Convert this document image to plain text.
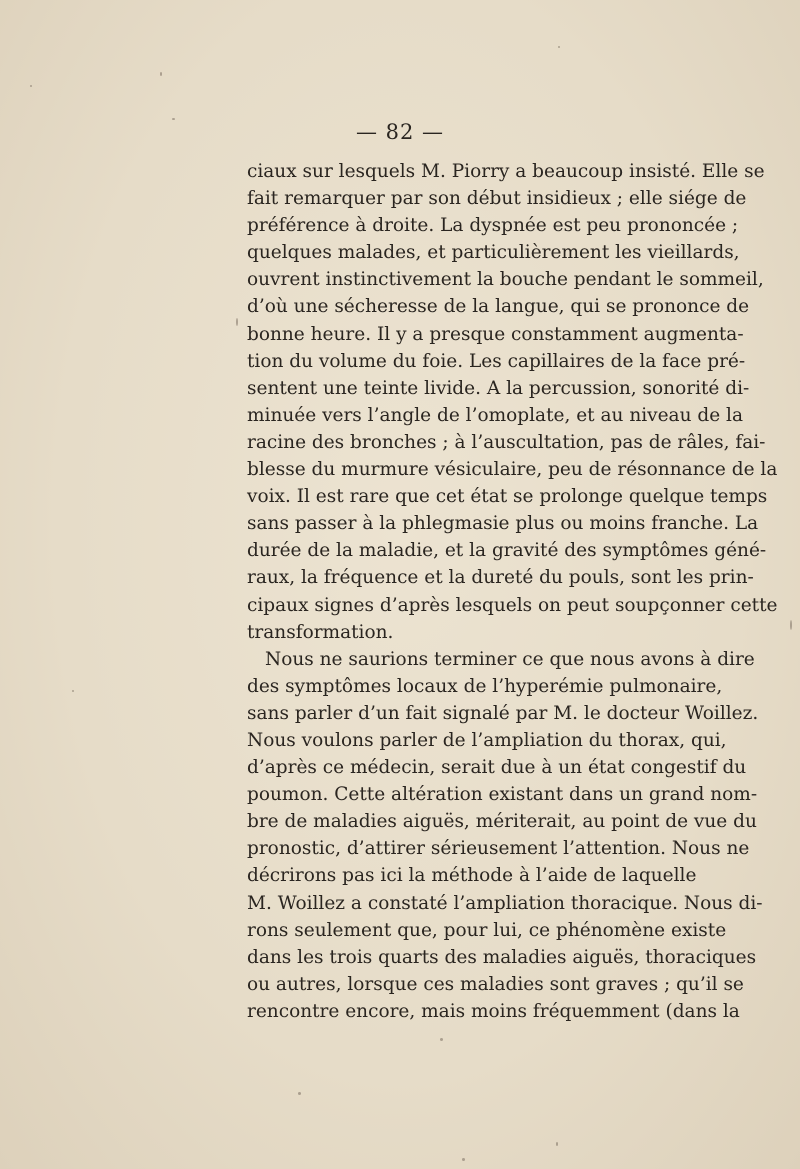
— 82 —
ciaux sur lesquels M. Piorry a beaucoup insisté. Elle se
fait remarquer par son début insidieux ; elle siége de
préférence à droite. La dyspnée est peu prononcée ;
quelques malades, et particulièrement les vieillards,
ouvrent instinctivement la bouche pendant le sommeil,
d’où une sécheresse de la langue, qui se prononce de
bonne heure. Il y a presque constamment augmenta-
tion du volume du foie. Les capillaires de la face pré-
sentent une teinte livide. A la percussion, sonorité di-
minuée vers l’angle de l’omoplate, et au niveau de la
racine des bronches ; à l’auscultation, pas de râles, fai-
blesse du murmure vésiculaire, peu de résonnance de la
voix. Il est rare que cet état se prolonge quelque temps
sans passer à la phlegmasie plus ou moins franche. La
durée de la maladie, et la gravité des symptômes géné-
raux, la fréquence et la dureté du pouls, sont les prin-
cipaux signes d’après lesquels on peut soupçonner cette
transformation.
Nous ne saurions terminer ce que nous avons à dire
des symptômes locaux de l’hyperémie pulmonaire,
sans parler d’un fait signalé par M. le docteur Woillez.
Nous voulons parler de l’ampliation du thorax, qui,
d’après ce médecin, serait due à un état congestif du
poumon. Cette altération existant dans un grand nom-
bre de maladies aiguës, mériterait, au point de vue du
pronostic, d’attirer sérieusement l’attention. Nous ne
décrirons pas ici la méthode à l’aide de laquelle
M. Woillez a constaté l’ampliation thoracique. Nous di-
rons seulement que, pour lui, ce phénomène existe
dans les trois quarts des maladies aiguës, thoraciques
ou autres, lorsque ces maladies sont graves ; qu’il se
rencontre encore, mais moins fréquemment (dans la
